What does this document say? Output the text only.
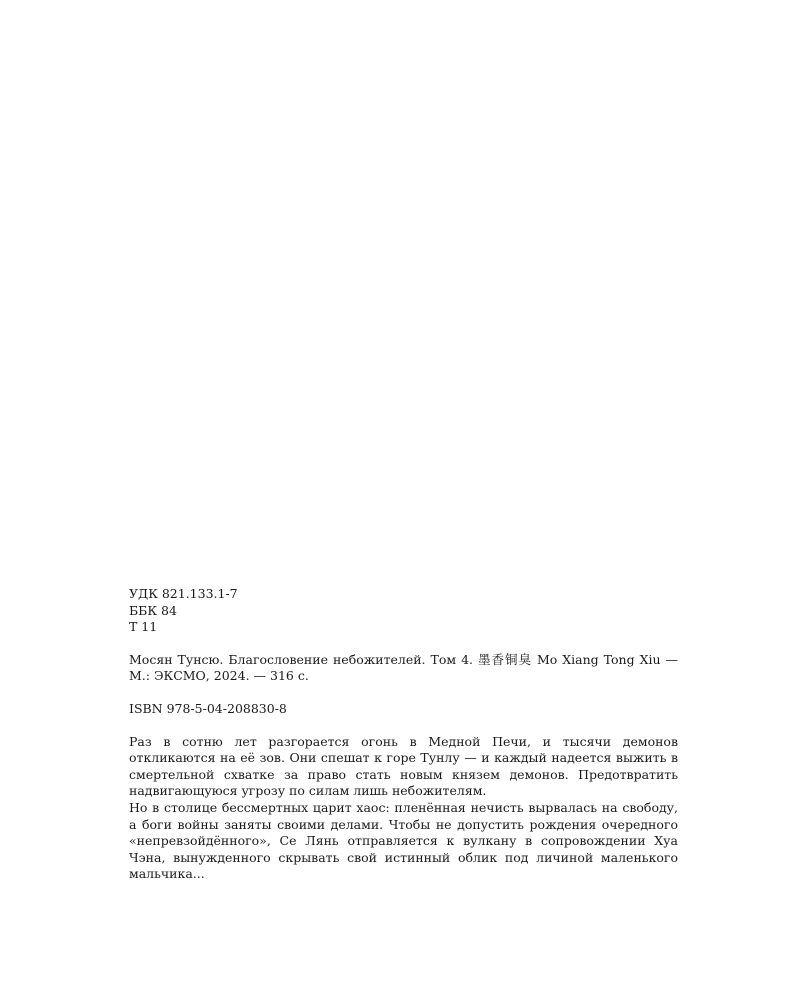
УДК 821.133.1-7
ББК 84
Т 11
Мосян Тунсю. Благословение небожителей. Том 4. 墨香铜臭 Mo Xiang Tong Xiu — М.: ЭКСМО, 2024. — 316 с.
ISBN 978-5-04-208830-8

Раз в сотню лет разгорается огонь в Медной Печи, и тысячи демонов откликаются на её зов. Они спешат к горе Тунлу — и каждый надеется выжить в смертельной схватке за право стать новым князем демонов. Предотвратить надвигающуюся угрозу по силам лишь небожителям.

Но в столице бессмертных царит хаос: пленённая нечисть вырвалась на свободу, а боги войны заняты своими делами. Чтобы не допустить рождения очередного «непревзойдённого», Се Лянь отправляется к вулкану в сопровождении Хуа Чэна, вынужденного скрывать свой истинный облик под личиной маленького мальчика...
